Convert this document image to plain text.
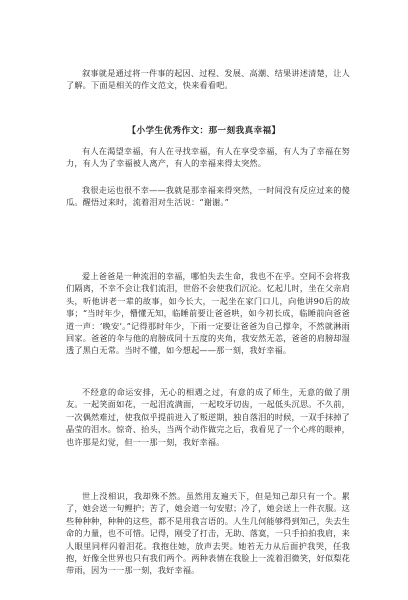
叙事就是通过将一件事的起因、过程、发展、高潮、结果讲述清楚，让人了解。下面是相关的作文范文，快来看看吧。

【小学生优秀作文：那一刻我真幸福】

有人在渴望幸福，有人在寻找幸福，有人在享受幸福，有人为了幸福在努力，有人为了幸福被人离产，有人的幸福来得太突然。

我很走运也很不幸——我就是那幸福来得突然，一时间没有反应过来的傻瓜。醒悟过来时，流着泪对生活说：“谢谢。”

爱上爸爸是一种流泪的幸福，哪怕失去生命，我也不在乎。空间不会将我们隔离，不幸不会让我们流泪，世俗不会使我们沉沦。忆起儿时，坐在父亲肩头，听他讲老一辈的故事，如今长大，一起坐在家门口儿，向他讲90后的故事；“当时年少，懵懂无知，临睡前要让爸爸哄，如今初长成，临睡前向爸爸道一声：‘晚安’。”记得那时年少，下雨一定要让爸爸为自己撑伞，不然就淋雨回家。爸爸的伞与他的肩膀成同十五度的夹角，我安然无恙，爸爸的肩膀却湿透了黑白无常。当时不懂，如今想起——那一刻，我好幸福。

不经意的命运安排，无心的相遇之过，有意的成了师生，无意的做了朋友。一起笑面如花，一起泪流满面，一起咬牙切齿，一起低头沉思。不久前，一次偶然难过，使我似乎提前进入了叛逆期，独自落泪的时候，一双手抹掉了晶莹的泪水。惊奇、抬头，当两个动作做完之后，我看见了一个心疼的眼神，也许那是幻觉，但一一那一刻，我好幸福。

世上没相识，我却殊不然。虽然用友遍天下，但是知己却只有一个。累了，她会送一句鲤护；苦了，她会道一句安慰；冷了，她会送上一件衣服。这些种种种，种种的这些，都不是用我言语的。人生几何能够得到知己，失去生命的力量，也不可惜。记得，刚受了打击，无助、落寞，一只手拍拍我肩，来人眼里同样闪着泪花。我抱住她，放声去哭。她若无力从后面护我哭，任我抱，好像全世界也只有我们两个。两种表情在我脸上一流着泪微笑，好似梨花带雨，因为一一那一刻，我好幸福。
